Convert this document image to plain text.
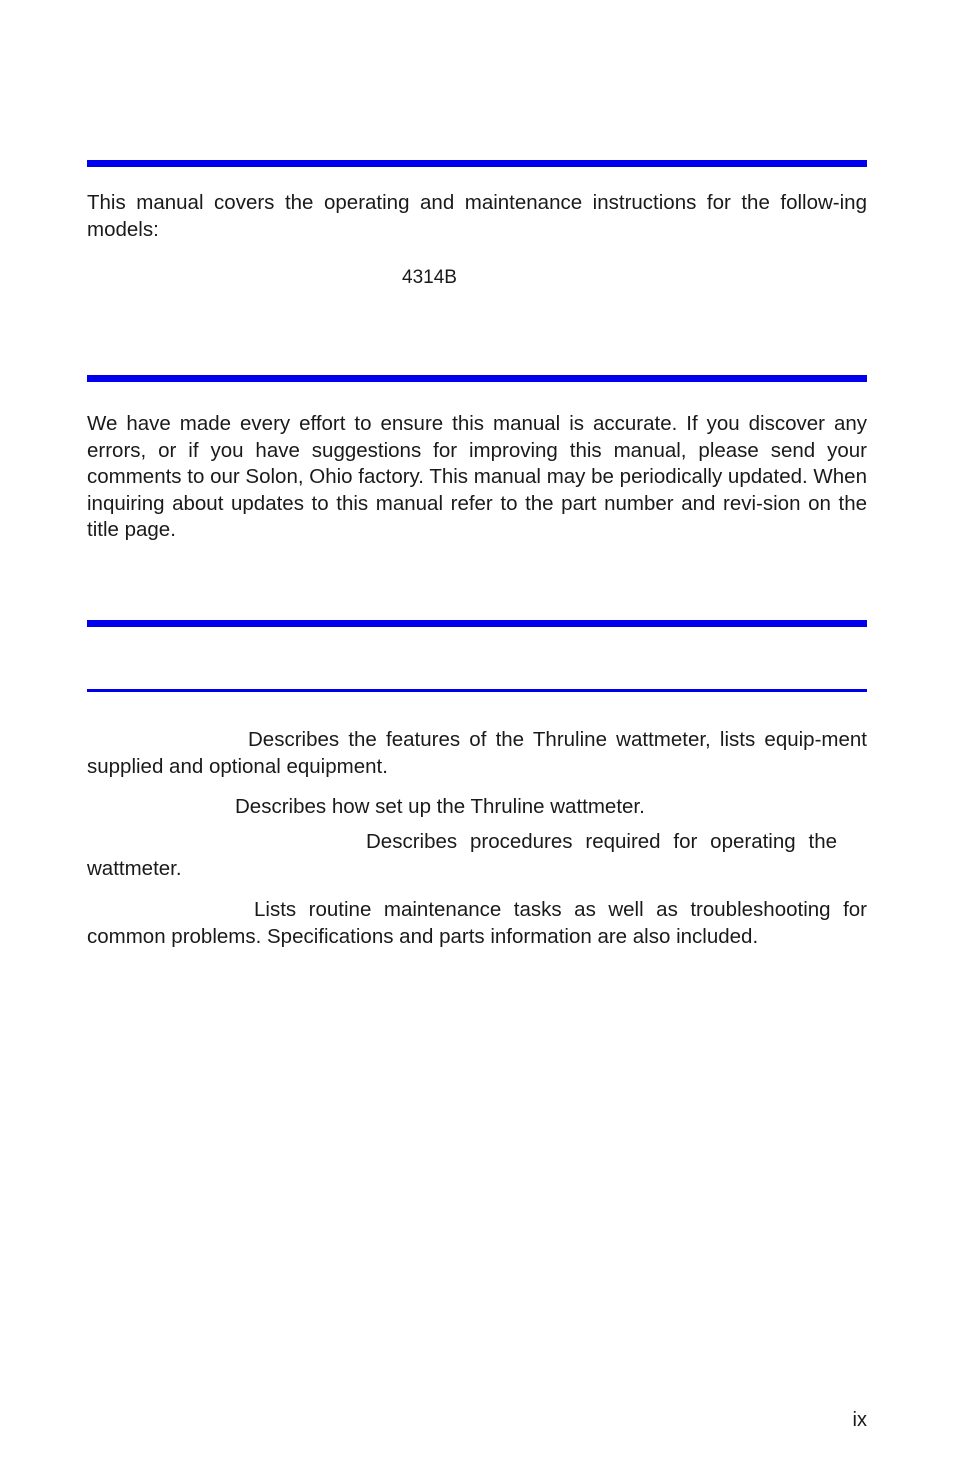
This manual covers the operating and maintenance instructions for the follow-ing models:

4314B

We have made every effort to ensure this manual is accurate. If you discover any errors, or if you have suggestions for improving this manual, please send your comments to our Solon, Ohio factory. This manual may be periodically updated. When inquiring about updates to this manual refer to the part number and revi-sion on the title page.

Describes the features of the Thruline wattmeter, lists equip-ment supplied and optional equipment.

Describes how set up the Thruline wattmeter.

Describes procedures required for operating the wattmeter.

Lists routine maintenance tasks as well as troubleshooting for common problems. Specifications and parts information are also included.

ix
